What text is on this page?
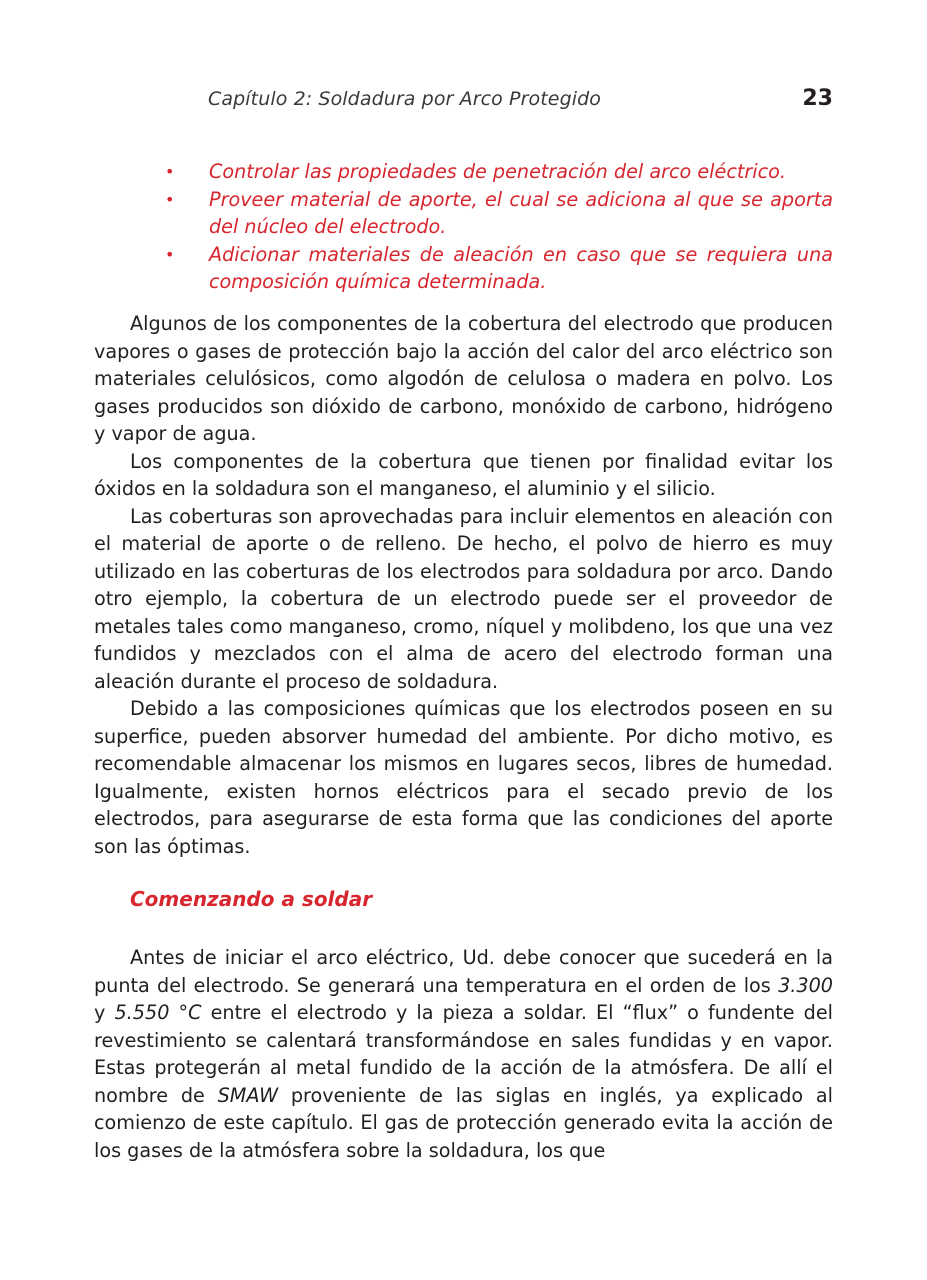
Capítulo 2: Soldadura por Arco Protegido	23
• Controlar las propiedades de penetración del arco eléctrico.
• Proveer material de aporte, el cual se adiciona al que se aporta del núcleo del electrodo.
• Adicionar materiales de aleación en caso que se requiera una composición química determinada.

Algunos de los componentes de la cobertura del electrodo que producen vapores o gases de protección bajo la acción del calor del arco eléctrico son materiales celulósicos, como algodón de celulosa o madera en polvo. Los gases producidos son dióxido de carbono, monóxido de carbono, hidrógeno y vapor de agua.

Los componentes de la cobertura que tienen por finalidad evitar los óxidos en la soldadura son el manganeso, el aluminio y el silicio.

Las coberturas son aprovechadas para incluir elementos en aleación con el material de aporte o de relleno. De hecho, el polvo de hierro es muy utilizado en las coberturas de los electrodos para soldadura por arco. Dando otro ejemplo, la cobertura de un electrodo puede ser el proveedor de metales tales como manganeso, cromo, níquel y molibdeno, los que una vez fundidos y mezclados con el alma de acero del electrodo forman una aleación durante el proceso de soldadura.

Debido a las composiciones químicas que los electrodos poseen en su superfice, pueden absorver humedad del ambiente. Por dicho motivo, es recomendable almacenar los mismos en lugares secos, libres de humedad. Igualmente, existen hornos eléctricos para el secado previo de los electrodos, para asegurarse de esta forma que las condiciones del aporte son las óptimas.

Comenzando a soldar

Antes de iniciar el arco eléctrico, Ud. debe conocer que sucederá en la punta del electrodo. Se generará una temperatura en el orden de los 3.300 y 5.550 °C entre el electrodo y la pieza a soldar. El “flux” o fundente del revestimiento se calentará transformándose en sales fundidas y en vapor. Estas protegerán al metal fundido de la acción de la atmósfera. De allí el nombre de SMAW proveniente de las siglas en inglés, ya explicado al comienzo de este capítulo. El gas de protección generado evita la acción de los gases de la atmósfera sobre la soldadura, los que
